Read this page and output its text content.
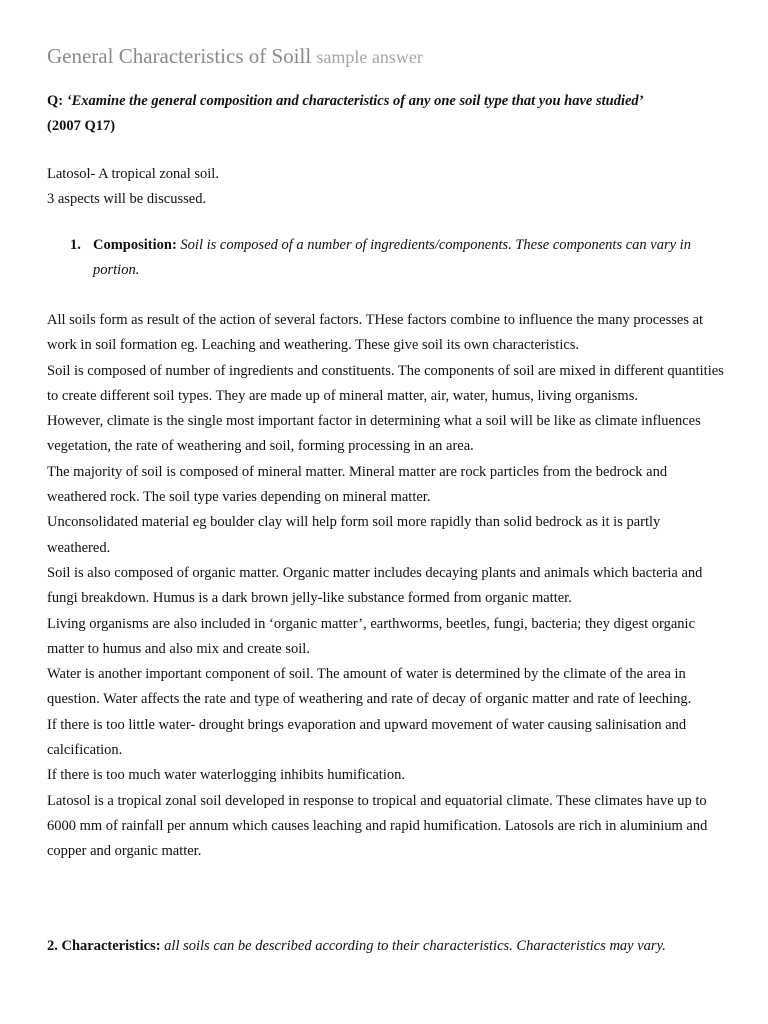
General Characteristics of Soill sample answer
Q: ‘Examine the general composition and characteristics of any one soil type that you have studied’
(2007 Q17)

Latosol- A tropical zonal soil.

3 aspects will be discussed.

1. Composition: Soil is composed of a number of ingredients/components. These components can vary in portion.

All soils form as result of the action of several factors. THese factors combine to influence the many processes at work in soil formation eg. Leaching and weathering. These give soil its own characteristics.

Soil is composed of number of ingredients and constituents. The components of soil are mixed in different quantities to create different soil types. They are made up of mineral matter, air, water, humus, living organisms.

However, climate is the single most important factor in determining what a soil will be like as climate influences vegetation, the rate of weathering and soil, forming processing in an area.

The majority of soil is composed of mineral matter. Mineral matter are rock particles from the bedrock and weathered rock. The soil type varies depending on mineral matter.

Unconsolidated material eg boulder clay will help form soil more rapidly than solid bedrock as it is partly weathered.

Soil is also composed of organic matter. Organic matter includes decaying plants and animals which bacteria and fungi breakdown. Humus is a dark brown jelly-like substance formed from organic matter.

Living organisms are also included in ‘organic matter’, earthworms, beetles, fungi, bacteria; they digest organic matter to humus and also mix and create soil.

Water is another important component of soil. The amount of water is determined by the climate of the area in question. Water affects the rate and type of weathering and rate of decay of organic matter and rate of leeching.

If there is too little water- drought brings evaporation and upward movement of water causing salinisation and calcification.

If there is too much water waterlogging inhibits humification.

Latosol is a tropical zonal soil developed in response to tropical and equatorial climate. These climates have up to 6000 mm of rainfall per annum which causes leaching and rapid humification. Latosols are rich in aluminium and copper and organic matter.

2. Characteristics: all soils can be described according to their characteristics. Characteristics may vary.
